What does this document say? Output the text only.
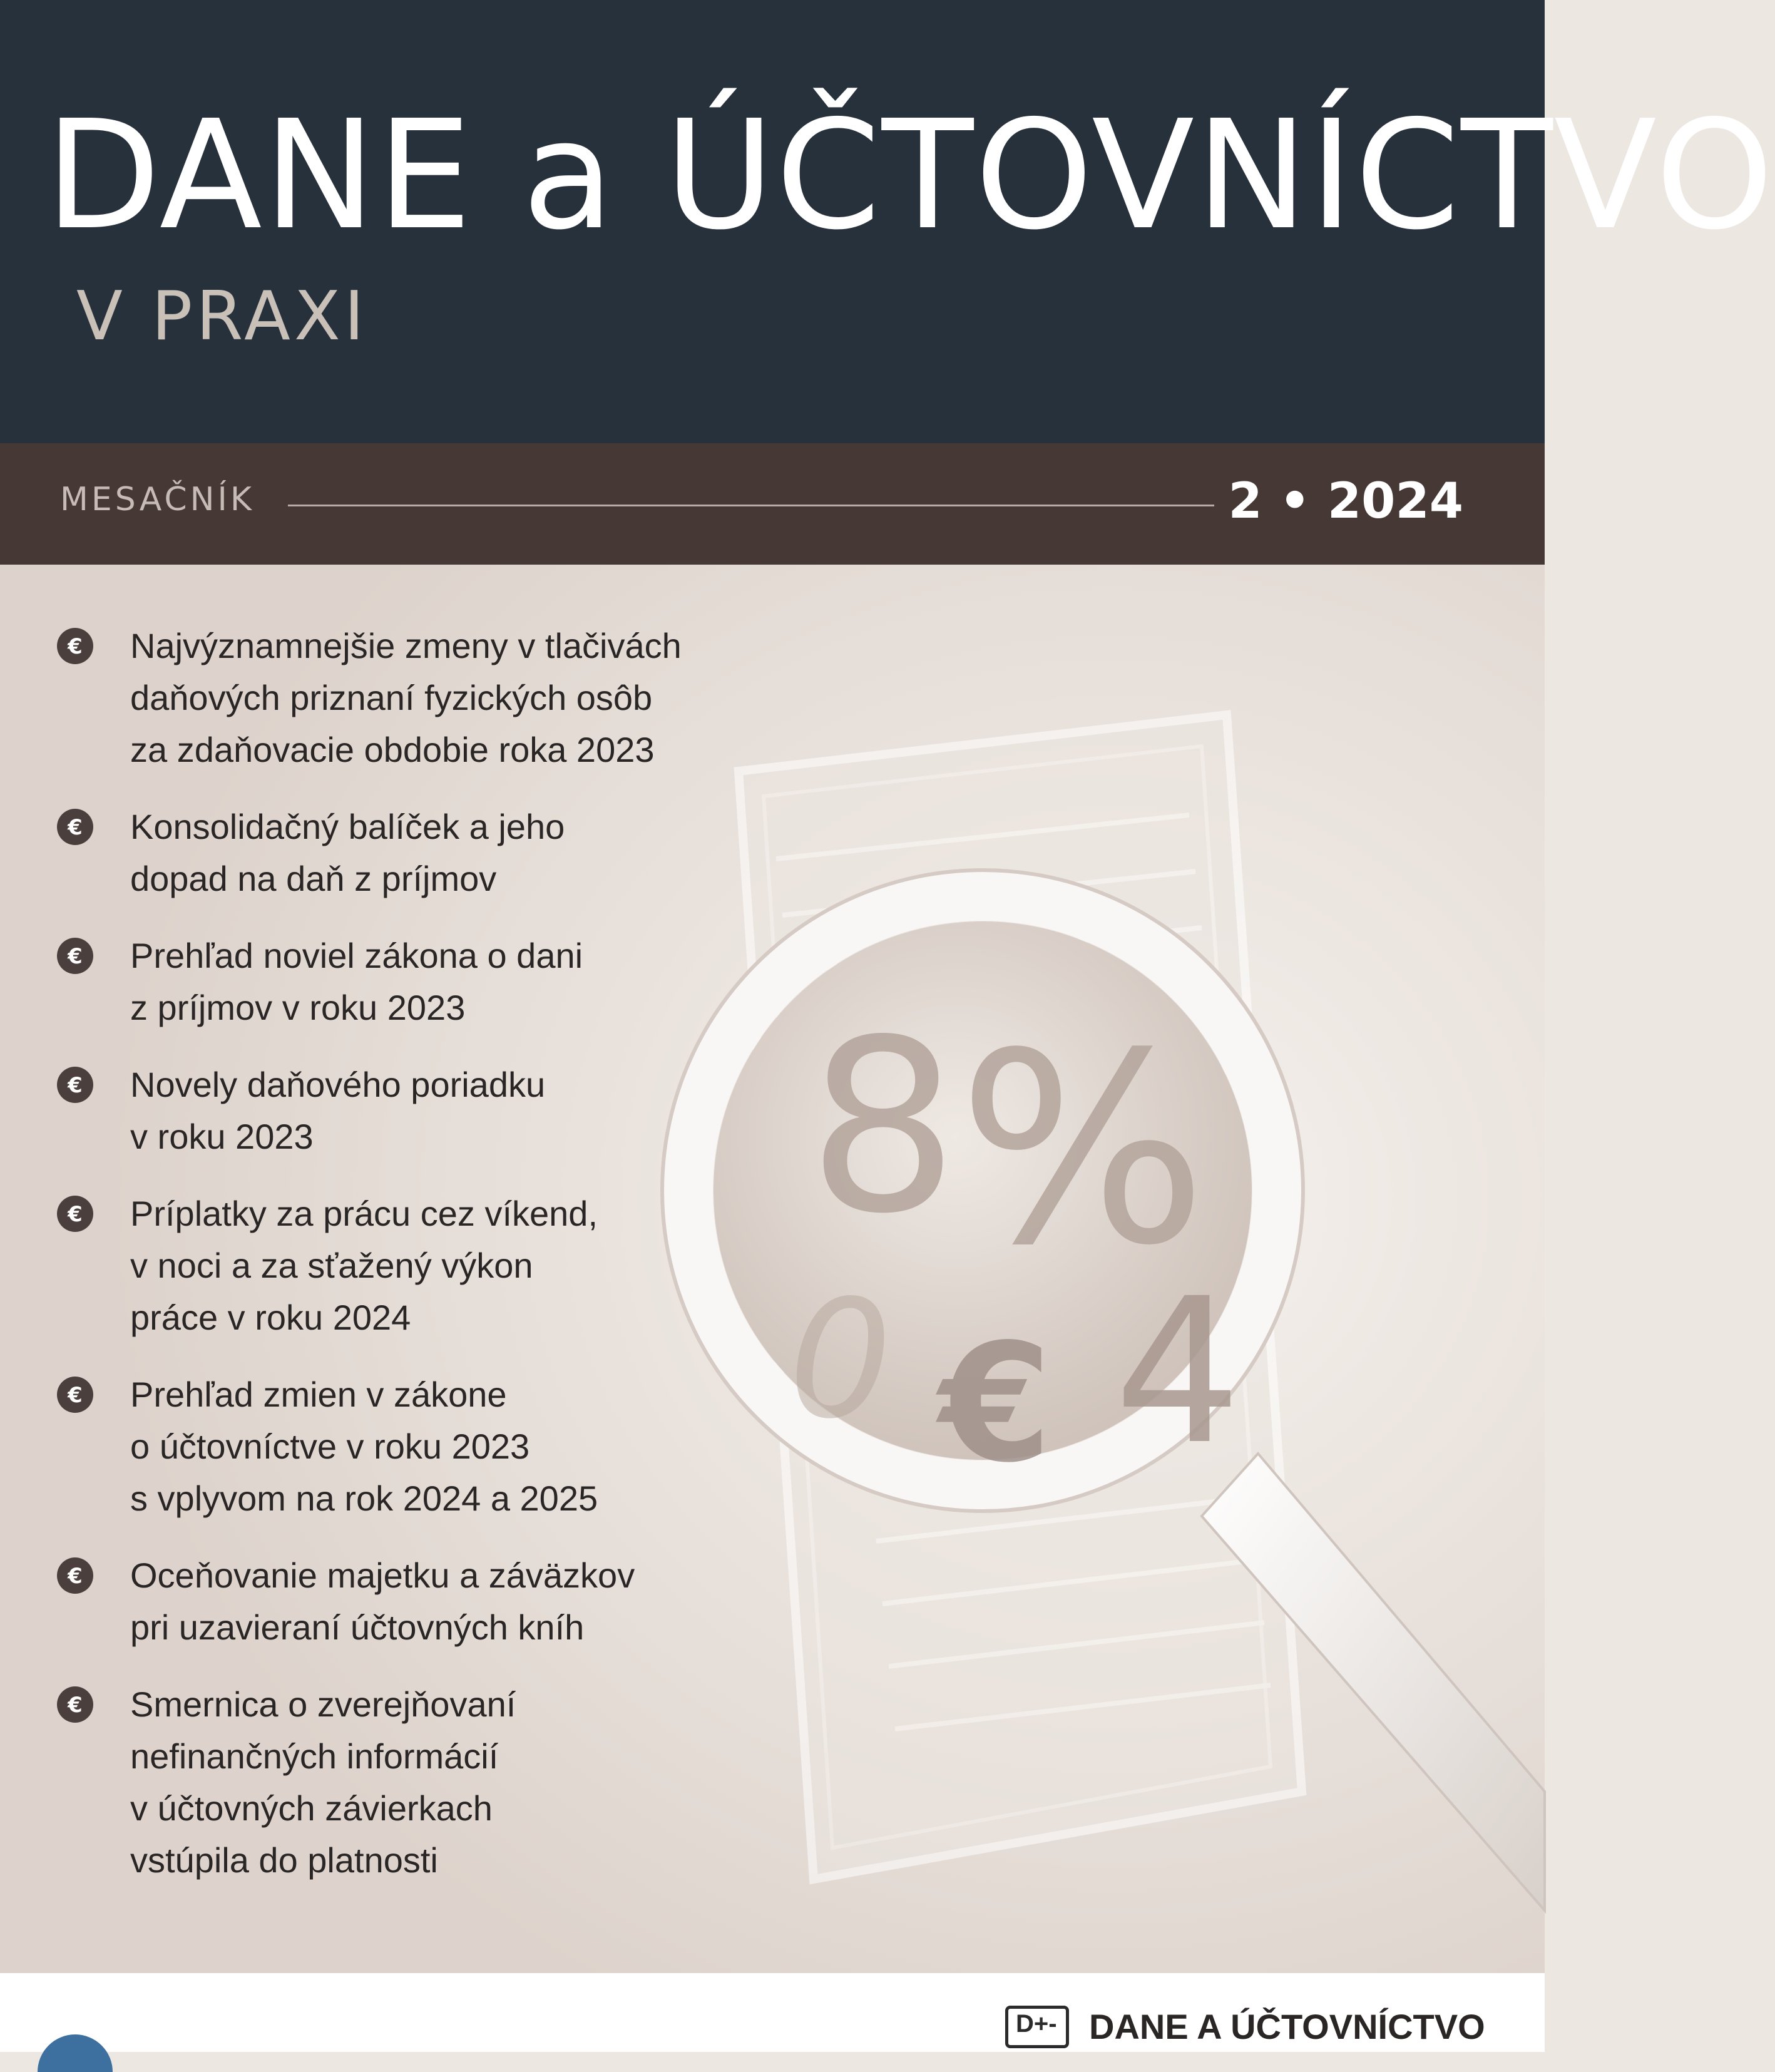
DANE a ÚČTOVNÍCTVO
V PRAXI
MESAČNÍK	2 • 2024
8
%
0 € 4
€ Najvýznamnejšie zmeny v tlačivách
daňových priznaní fyzických osôb
za zdaňovacie obdobie roka 2023
€ Konsolidačný balíček a jeho
dopad na daň z príjmov
€ Prehľad noviel zákona o dani
z príjmov v roku 2023
€ Novely daňového poriadku
v roku 2023
€ Príplatky za prácu cez víkend,
v noci a za sťažený výkon
práce v roku 2024
€ Prehľad zmien v zákone
o účtovníctve v roku 2023
s vplyvom na rok 2024 a 2025
€ Oceňovanie majetku a záväzkov
pri uzavieraní účtovných kníh
€ Smernica o zverejňovaní
nefinančných informácií
v účtovných závierkach
vstúpila do platnosti
D+- DANE A ÚČTOVNÍCTVO
